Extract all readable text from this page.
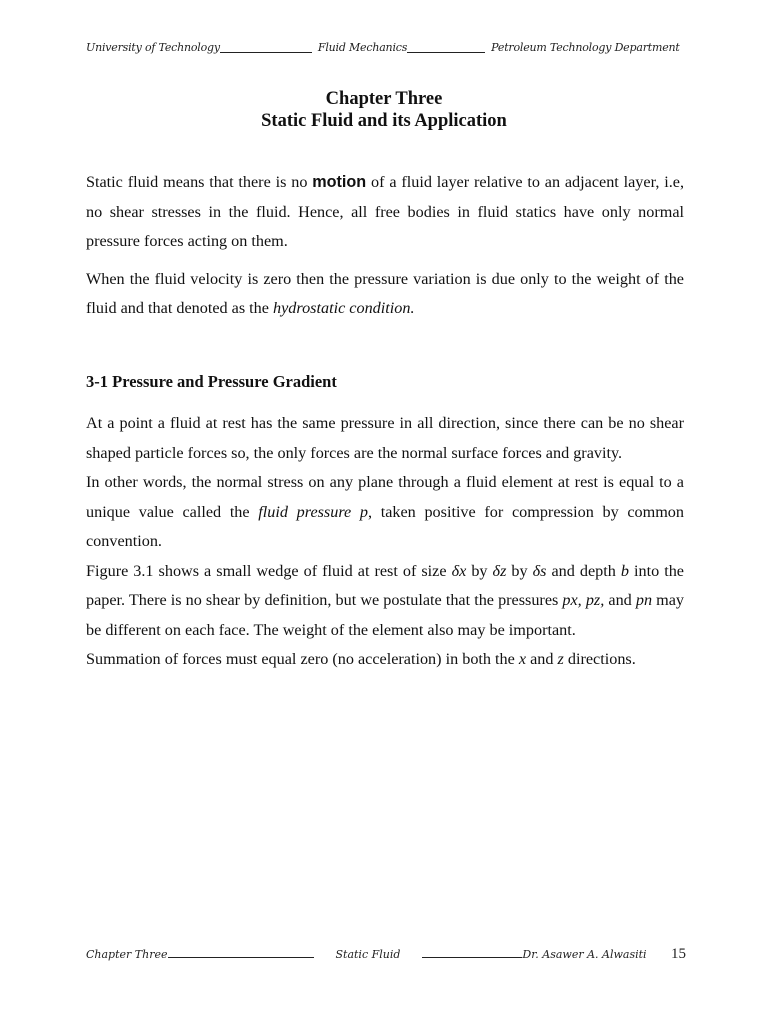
University of Technology	Fluid Mechanics	Petroleum Technology Department
Chapter Three
Static Fluid and its Application

Static fluid means that there is no motion of a fluid layer relative to an adjacent layer, i.e, no shear stresses in the fluid. Hence, all free bodies in fluid statics have only normal pressure forces acting on them.

When the fluid velocity is zero then the pressure variation is due only to the weight of the fluid and that denoted as the hydrostatic condition.

3-1 Pressure and Pressure Gradient

At a point a fluid at rest has the same pressure in all direction, since there can be no shear shaped particle forces so, the only forces are the normal surface forces and gravity.

In other words, the normal stress on any plane through a fluid element at rest is equal to a unique value called the fluid pressure p, taken positive for compression by common convention.

Figure 3.1 shows a small wedge of fluid at rest of size δx by δz by δs and depth b into the paper. There is no shear by definition, but we postulate that the pressures px, pz, and pn may be different on each face. The weight of the element also may be important.

Summation of forces must equal zero (no acceleration) in both the x and z directions.

Chapter Three	Static Fluid	Dr. Asawer A. Alwasiti 15
